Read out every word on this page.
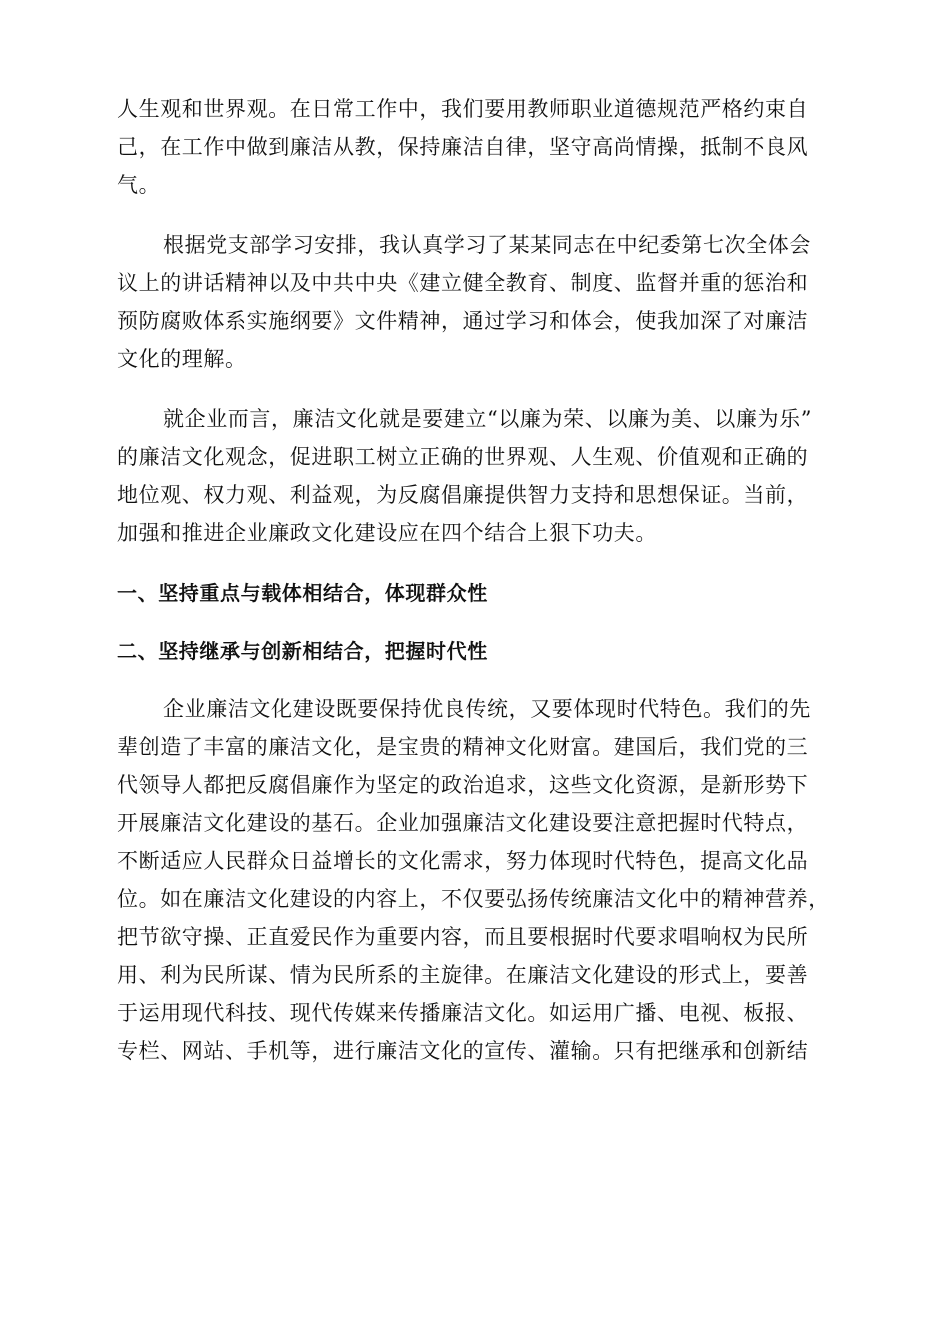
人生观和世界观。在日常工作中，我们要用教师职业道德规范严格约束自
己，在工作中做到廉洁从教，保持廉洁自律，坚守高尚情操，抵制不良风
气。
根据党支部学习安排，我认真学习了某某同志在中纪委第七次全体会
议上的讲话精神以及中共中央《建立健全教育、制度、监督并重的惩治和
预防腐败体系实施纲要》文件精神，通过学习和体会，使我加深了对廉洁
文化的理解。
就企业而言，廉洁文化就是要建立“以廉为荣、以廉为美、以廉为乐”
的廉洁文化观念，促进职工树立正确的世界观、人生观、价值观和正确的
地位观、权力观、利益观，为反腐倡廉提供智力支持和思想保证。当前，
加强和推进企业廉政文化建设应在四个结合上狠下功夫。
一、坚持重点与载体相结合，体现群众性
二、坚持继承与创新相结合，把握时代性
企业廉洁文化建设既要保持优良传统，又要体现时代特色。我们的先
辈创造了丰富的廉洁文化，是宝贵的精神文化财富。建国后，我们党的三
代领导人都把反腐倡廉作为坚定的政治追求，这些文化资源，是新形势下
开展廉洁文化建设的基石。企业加强廉洁文化建设要注意把握时代特点，
不断适应人民群众日益增长的文化需求，努力体现时代特色，提高文化品
位。如在廉洁文化建设的内容上，不仅要弘扬传统廉洁文化中的精神营养，
把节欲守操、正直爱民作为重要内容，而且要根据时代要求唱响权为民所
用、利为民所谋、情为民所系的主旋律。在廉洁文化建设的形式上，要善
于运用现代科技、现代传媒来传播廉洁文化。如运用广播、电视、板报、
专栏、网站、手机等，进行廉洁文化的宣传、灌输。只有把继承和创新结
